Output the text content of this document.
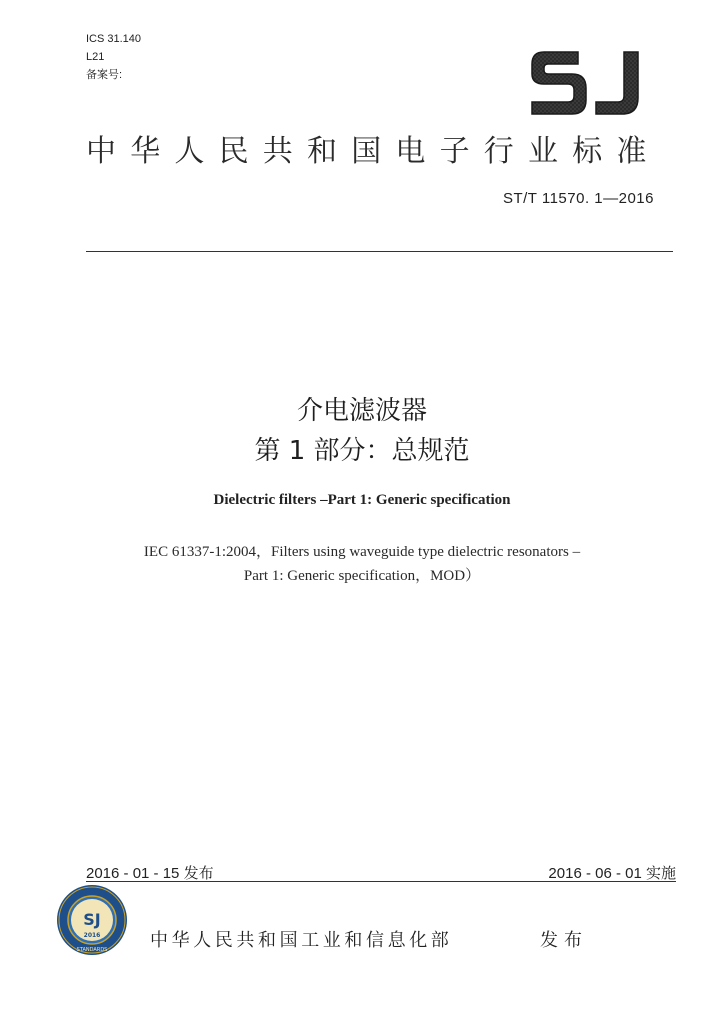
ICS 31.140
L21
备案号:
中华人民共和国电子行业标准
ST/T 11570. 1—2016
介电滤波器
第 1 部分：总规范
Dielectric filters –Part 1: Generic specification
IEC 61337-1:2004，Filters using waveguide type dielectric resonators –
Part 1: Generic specification，MOD）
2016 - 01 - 15 发布	2016 - 06 - 01 实施
SJ
2016
STANDARDS 中华人民共和国工业和信息化部	发布
